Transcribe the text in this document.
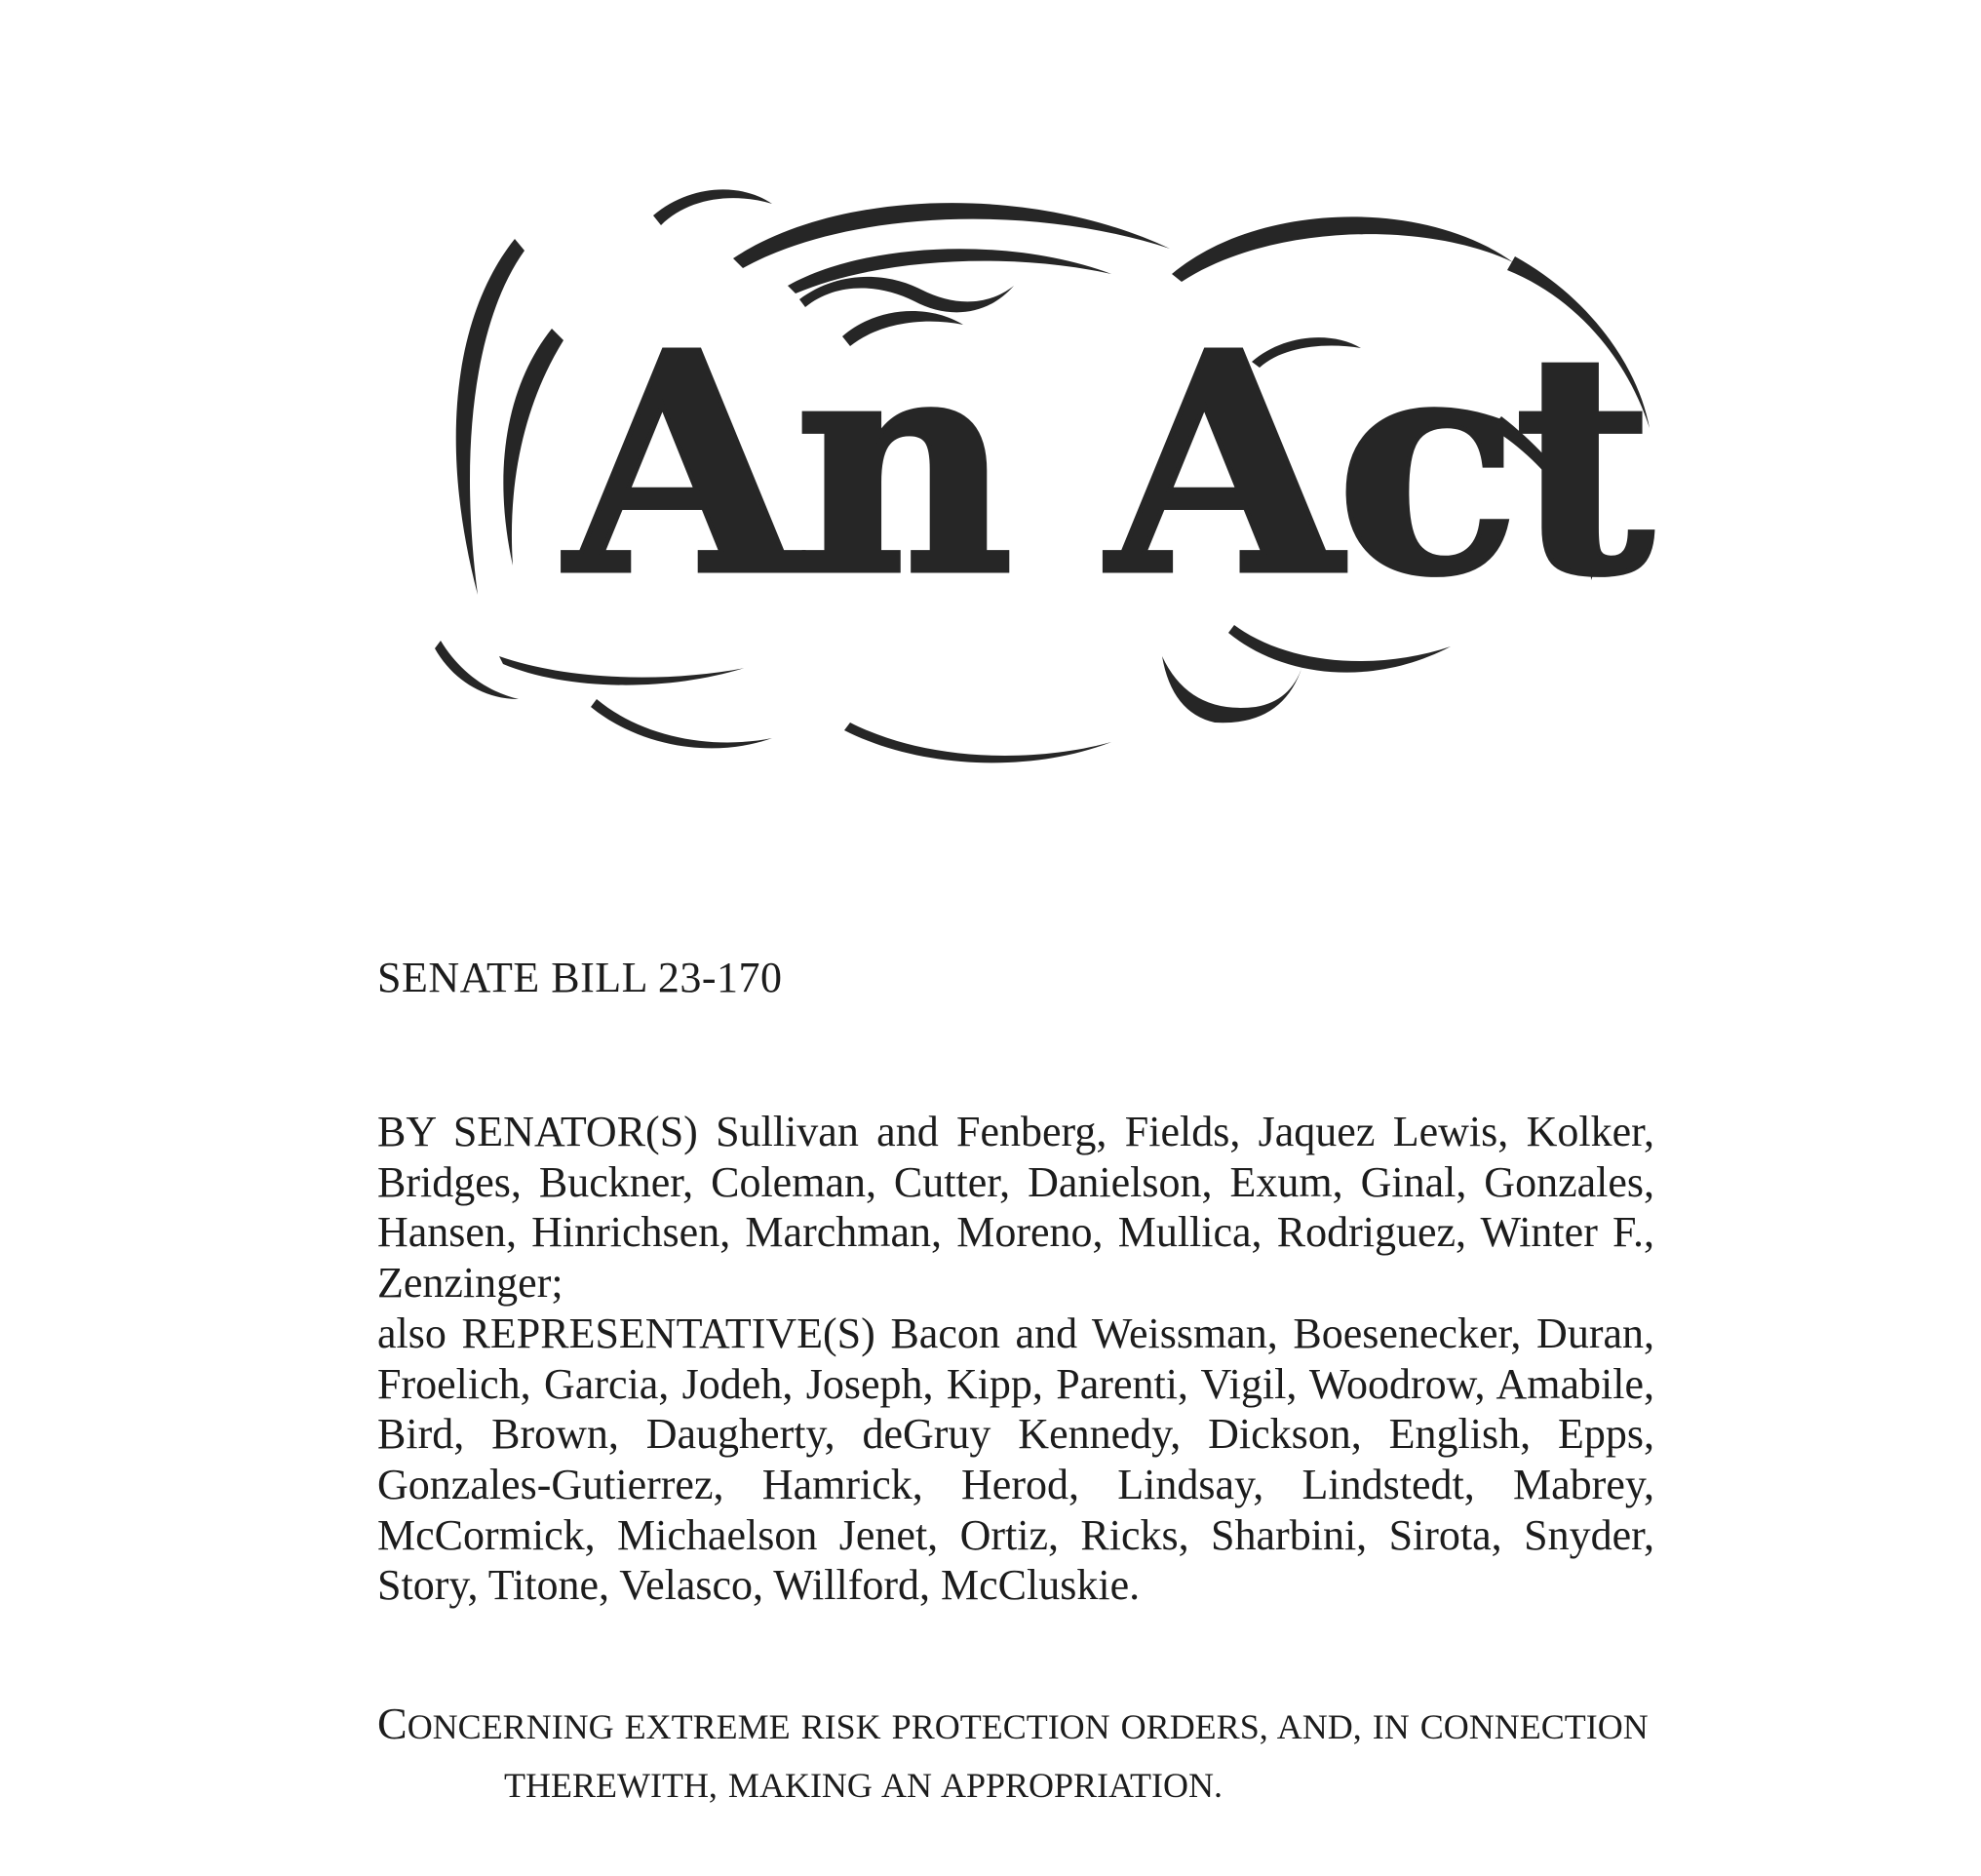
An Act
SENATE BILL 23-170
BY SENATOR(S) Sullivan and Fenberg, Fields, Jaquez Lewis, Kolker,
Bridges, Buckner, Coleman, Cutter, Danielson, Exum, Ginal, Gonzales,
Hansen, Hinrichsen, Marchman, Moreno, Mullica, Rodriguez, Winter F.,
Zenzinger;
also REPRESENTATIVE(S) Bacon and Weissman, Boesenecker, Duran,
Froelich, Garcia, Jodeh, Joseph, Kipp, Parenti, Vigil, Woodrow, Amabile,
Bird, Brown, Daugherty, deGruy Kennedy, Dickson, English, Epps,
Gonzales-Gutierrez, Hamrick, Herod, Lindsay, Lindstedt, Mabrey,
McCormick, Michaelson Jenet, Ortiz, Ricks, Sharbini, Sirota, Snyder,
Story, Titone, Velasco, Willford, McCluskie.
CONCERNING EXTREME RISK PROTECTION ORDERS, AND, IN CONNECTION
THEREWITH, MAKING AN APPROPRIATION.
